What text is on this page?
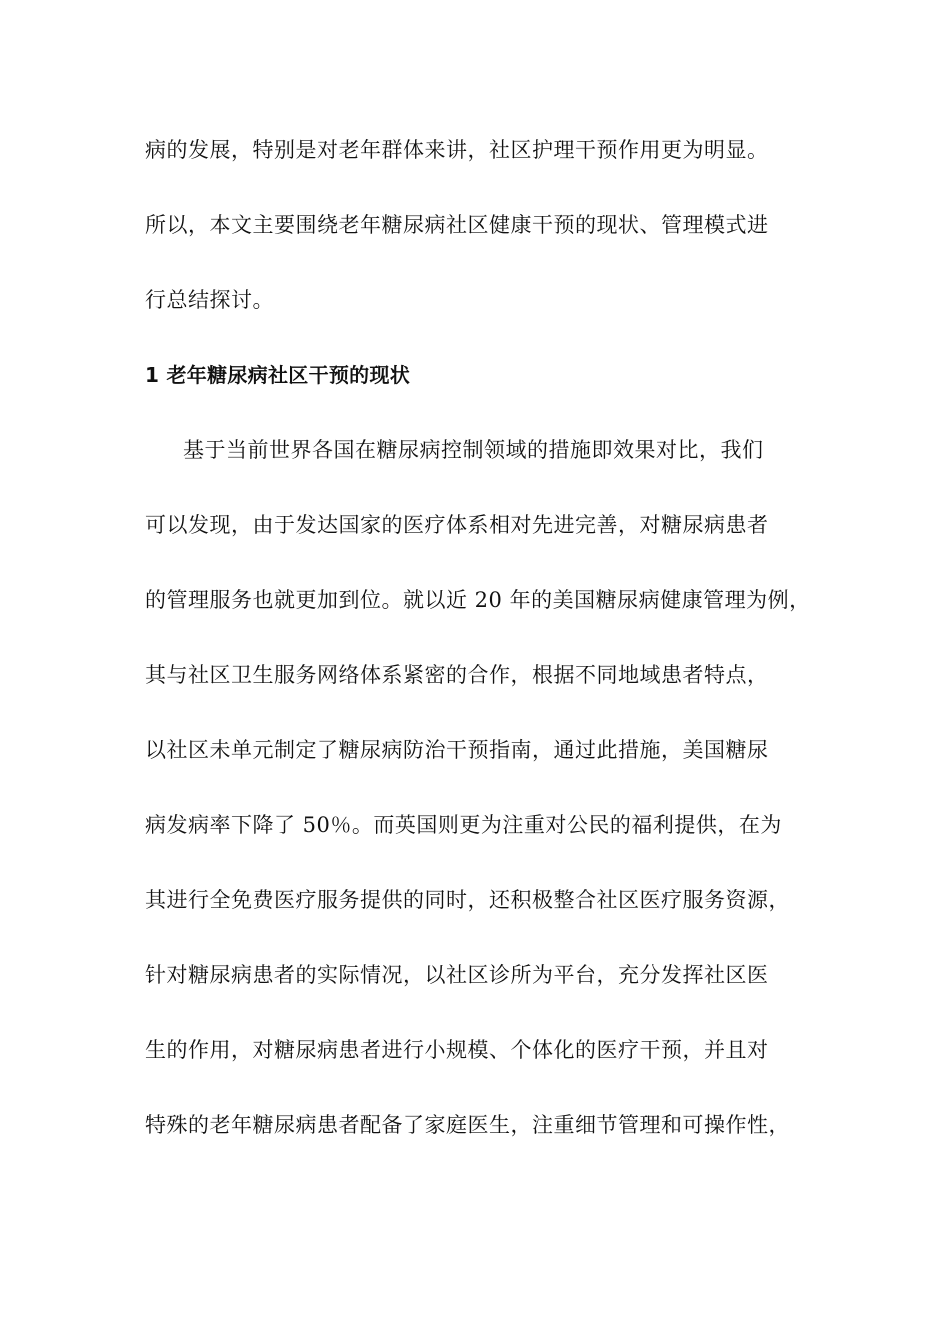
病的发展，特别是对老年群体来讲，社区护理干预作用更为明显。
所以，本文主要围绕老年糖尿病社区健康干预的现状、管理模式进
行总结探讨。
1 老年糖尿病社区干预的现状
基于当前世界各国在糖尿病控制领域的措施即效果对比，我们
可以发现，由于发达国家的医疗体系相对先进完善，对糖尿病患者
的管理服务也就更加到位。就以近 20 年的美国糖尿病健康管理为例，
其与社区卫生服务网络体系紧密的合作，根据不同地域患者特点，
以社区未单元制定了糖尿病防治干预指南，通过此措施，美国糖尿
病发病率下降了 50％。而英国则更为注重对公民的福利提供，在为
其进行全免费医疗服务提供的同时，还积极整合社区医疗服务资源，
针对糖尿病患者的实际情况，以社区诊所为平台，充分发挥社区医
生的作用，对糖尿病患者进行小规模、个体化的医疗干预，并且对
特殊的老年糖尿病患者配备了家庭医生，注重细节管理和可操作性，
